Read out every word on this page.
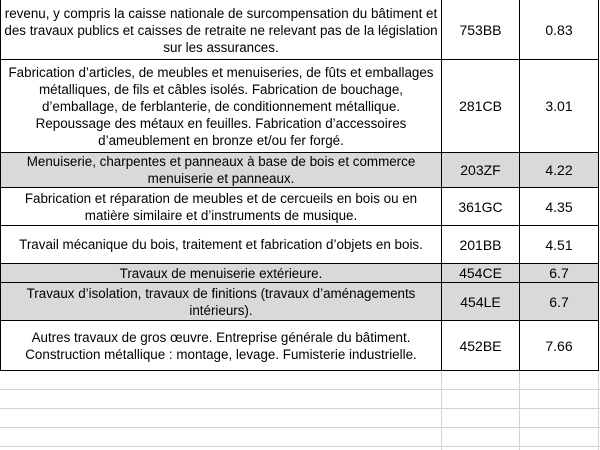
revenu, y compris la caisse nationale de surcompensation du bâtiment et des travaux publics et caisses de retraite ne relevant pas de la législation sur les assurances.	753BB	0.83

Fabrication d’articles, de meubles et menuiseries, de fûts et emballages métalliques, de fils et câbles isolés. Fabrication de bouchage, d’emballage, de ferblanterie, de conditionnement métallique. Repoussage des métaux en feuilles. Fabrication d’accessoires d’ameublement en bronze et/ou fer forgé.	281CB	3.01

Menuiserie, charpentes et panneaux à base de bois et commerce menuiserie et panneaux.	203ZF	4.22

Fabrication et réparation de meubles et de cercueils en bois ou en matière similaire et d’instruments de musique.	361GC	4.35

Travail mécanique du bois, traitement et fabrication d’objets en bois.	201BB	4.51

Travaux de menuiserie extérieure.	454CE	6.7

Travaux d’isolation, travaux de finitions (travaux d’aménagements intérieurs).	454LE	6.7

Autres travaux de gros œuvre. Entreprise générale du bâtiment. Construction métallique : montage, levage. Fumisterie industrielle.	452BE	7.66
